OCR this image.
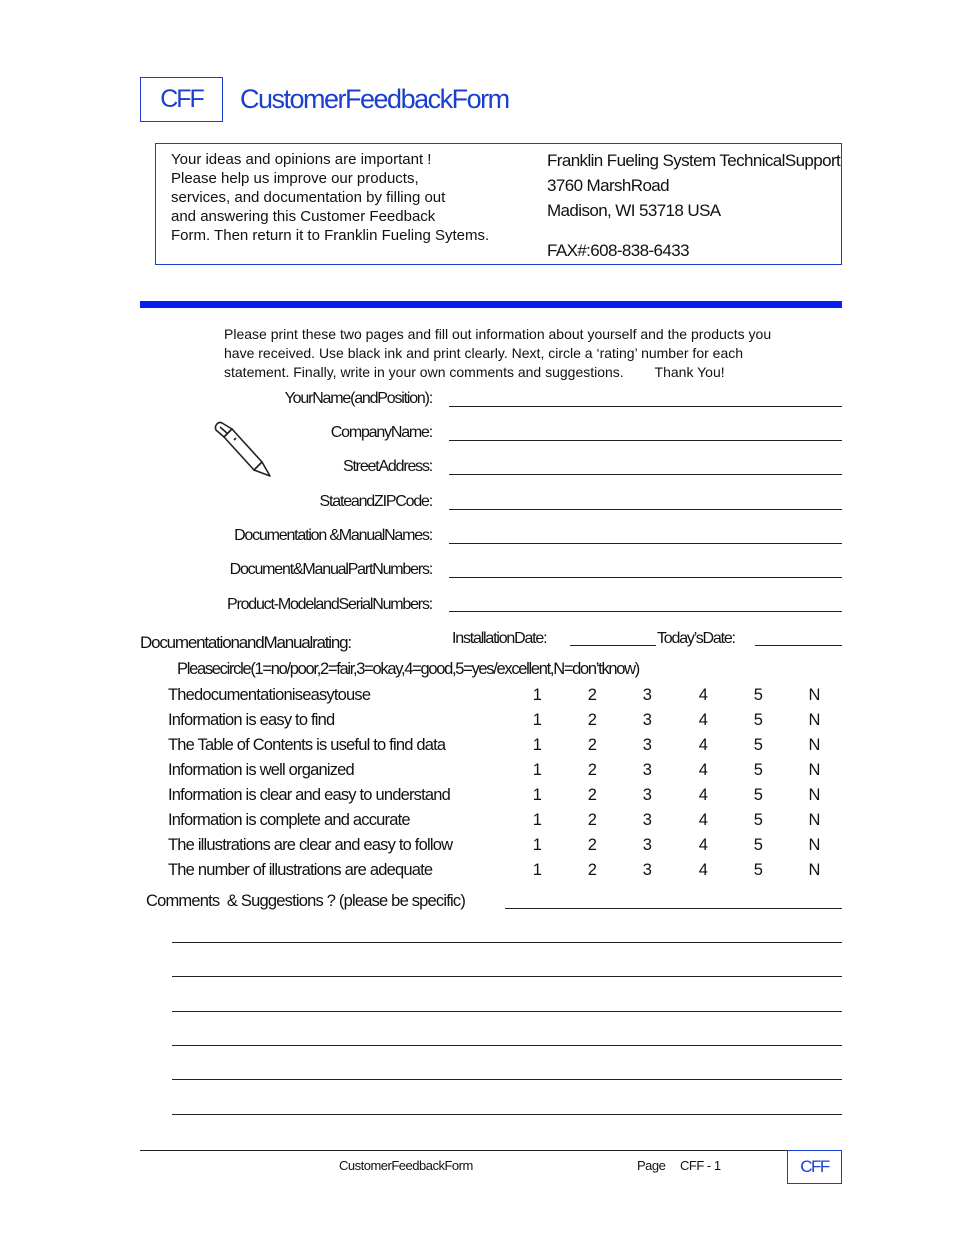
CFF	CustomerFeedbackForm
Your ideas and opinions are important !
Please help us improve our products,
services, and documentation by filling out
and answering this Customer Feedback
Form. Then return it to Franklin Fueling Sytems.
Franklin Fueling System TechnicalSupport
3760 MarshRoad
Madison, WI 53718 USA
FAX#:608-838-6433
Please print these two pages and fill out information about yourself and the products you
have received. Use black ink and print clearly. Next, circle a ‘rating’ number for each
statement. Finally, write in your own comments and suggestions.        Thank You!
YourName(andPosition):
CompanyName:
StreetAddress:
StateandZIPCode:
Documentation &ManualNames:
Document&ManualPartNumbers:
Product-ModelandSerialNumbers:
DocumentationandManualrating:	InstallationDate:	Today’sDate:
Pleasecircle(1=no/poor,2=fair,3=okay,4=good,5=yes/excellent,N=don’tknow)
Thedocumentationiseasytouse	1	2	3	4	5	N
Information is easy to find	1	2	3	4	5	N
The Table of Contents is useful to find data	1	2	3	4	5	N
Information is well organized	1	2	3	4	5	N
Information is clear and easy to understand	1	2	3	4	5	N
Information is complete and accurate	1	2	3	4	5	N
The illustrations are clear and easy to follow	1	2	3	4	5	N
The number of illustrations are adequate	1	2	3	4	5	N
Comments  & Suggestions ? (please be specific)
CustomerFeedbackForm	Page CFF - 1	CFF
